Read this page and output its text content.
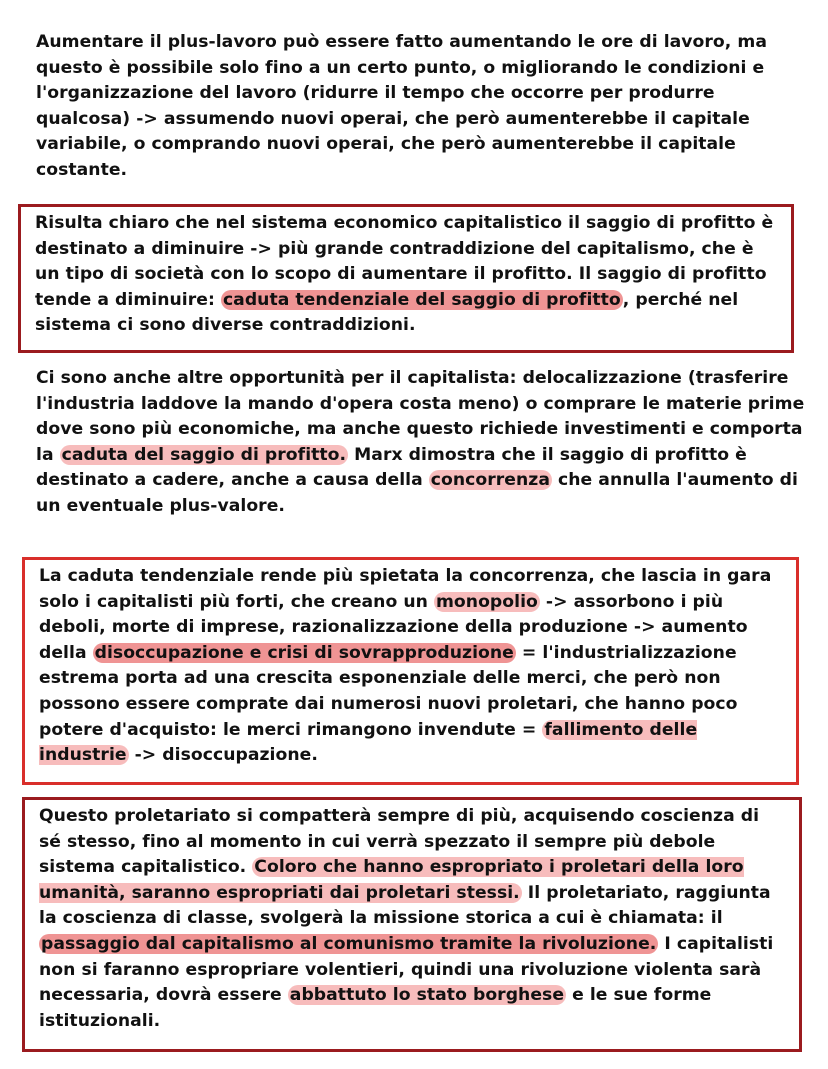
Aumentare il plus-lavoro può essere fatto aumentando le ore di lavoro, ma questo è possibile solo fino a un certo punto, o migliorando le condizioni e l'organizzazione del lavoro (ridurre il tempo che occorre per produrre qualcosa) -> assumendo nuovi operai, che però aumenterebbe il capitale variabile, o comprando nuovi operai, che però aumenterebbe il capitale costante.

Risulta chiaro che nel sistema economico capitalistico il saggio di profitto è destinato a diminuire -> più grande contraddizione del capitalismo, che è un tipo di società con lo scopo di aumentare il profitto. Il saggio di profitto tende a diminuire: caduta tendenziale del saggio di profitto , perché nel sistema ci sono diverse contraddizioni.

Ci sono anche altre opportunità per il capitalista: delocalizzazione (trasferire l'industria laddove la mando d'opera costa meno) o comprare le materie prime dove sono più economiche, ma anche questo richiede investimenti e comporta la caduta del saggio di profitto. Marx dimostra che il saggio di profitto è destinato a cadere, anche a causa della concorrenza che annulla l'aumento di un eventuale plus-valore.

La caduta tendenziale rende più spietata la concorrenza, che lascia in gara solo i capitalisti più forti, che creano un monopolio -> assorbono i più deboli, morte di imprese, razionalizzazione della produzione -> aumento della disoccupazione e crisi di sovrapproduzione = l'industrializzazione estrema porta ad una crescita esponenziale delle merci, che però non possono essere comprate dai numerosi nuovi proletari, che hanno poco potere d'acquisto: le merci rimangono invendute = fallimento delle industrie -> disoccupazione.

Questo proletariato si compatterà sempre di più, acquisendo coscienza di sé stesso, fino al momento in cui verrà spezzato il sempre più debole sistema capitalistico. Coloro che hanno espropriato i proletari della loro umanità, saranno espropriati dai proletari stessi. Il proletariato, raggiunta la coscienza di classe, svolgerà la missione storica a cui è chiamata: il passaggio dal capitalismo al comunismo tramite la rivoluzione. I capitalisti non si faranno espropriare volentieri, quindi una rivoluzione violenta sarà necessaria, dovrà essere abbattuto lo stato borghese e le sue forme istituzionali.
